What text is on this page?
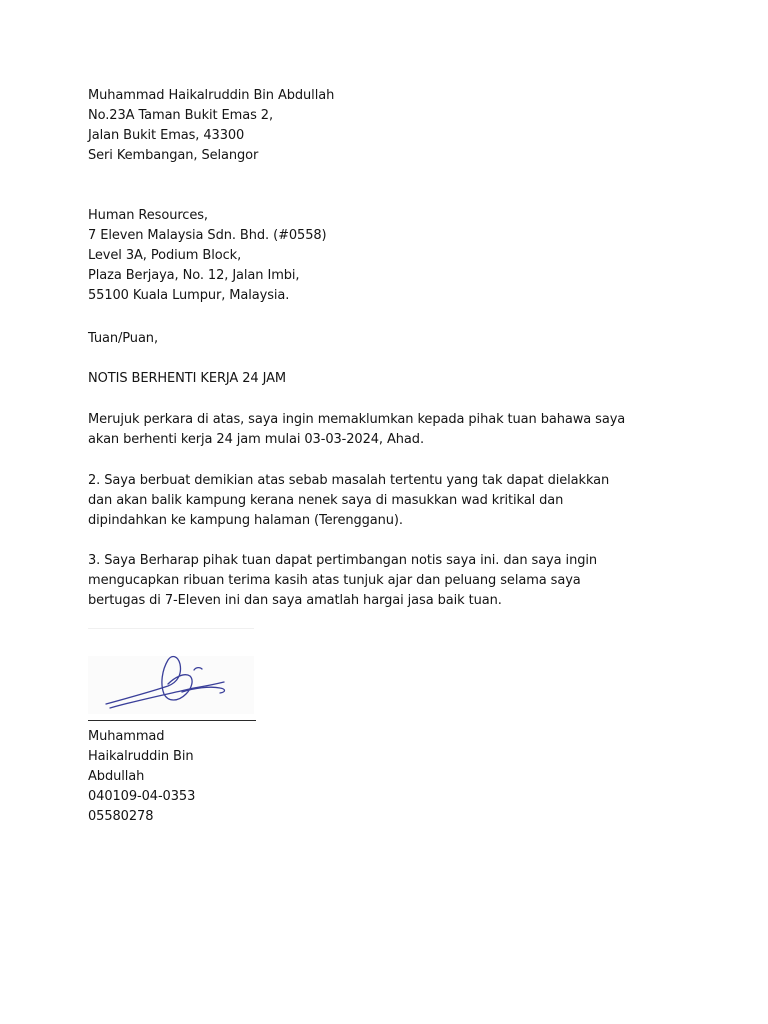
Muhammad Haikalruddin Bin Abdullah
No.23A Taman Bukit Emas 2,
Jalan Bukit Emas, 43300
Seri Kembangan, Selangor
Human Resources,
7 Eleven Malaysia Sdn. Bhd. (#0558)
Level 3A, Podium Block,
Plaza Berjaya, No. 12, Jalan Imbi,
55100 Kuala Lumpur, Malaysia.
Tuan/Puan,
NOTIS BERHENTI KERJA 24 JAM
Merujuk perkara di atas, saya ingin memaklumkan kepada pihak tuan bahawa saya
akan berhenti kerja 24 jam mulai 03-03-2024, Ahad.
2. Saya berbuat demikian atas sebab masalah tertentu yang tak dapat dielakkan
dan akan balik kampung kerana nenek saya di masukkan wad kritikal dan
dipindahkan ke kampung halaman (Terengganu).
3. Saya Berharap pihak tuan dapat pertimbangan notis saya ini. dan saya ingin
mengucapkan ribuan terima kasih atas tunjuk ajar dan peluang selama saya
bertugas di 7-Eleven ini dan saya amatlah hargai jasa baik tuan.
Muhammad
Haikalruddin Bin
Abdullah
040109-04-0353
05580278
